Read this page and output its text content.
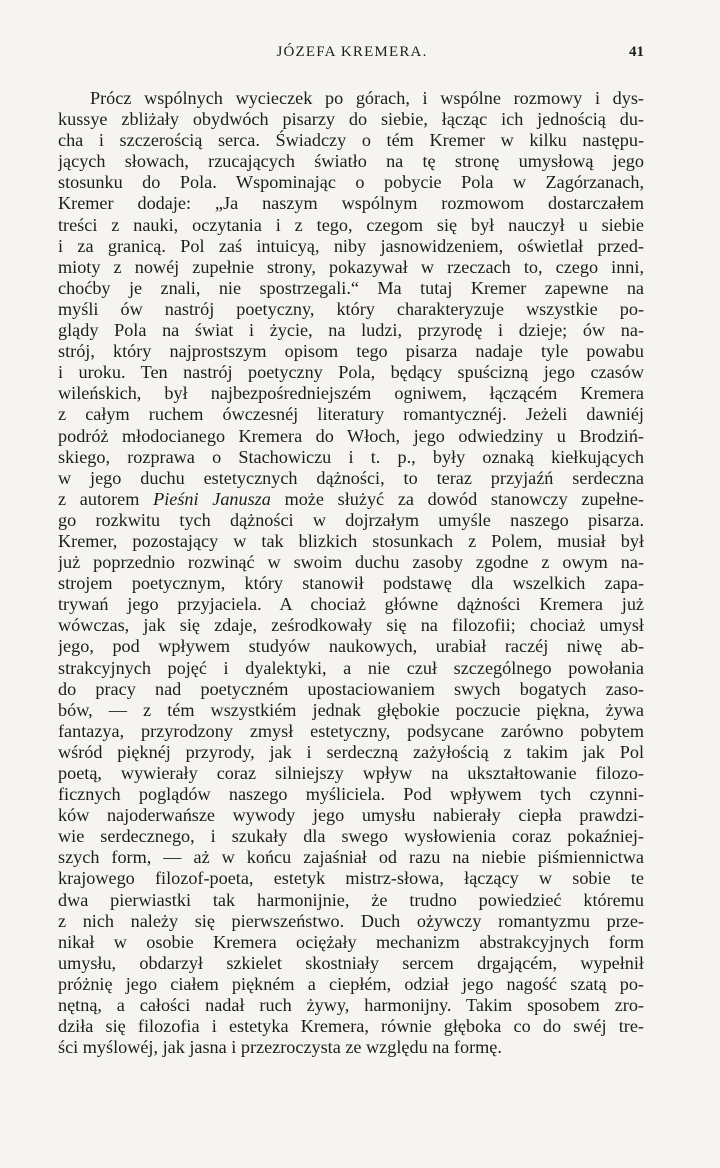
JÓZEFA KREMERA.	41
Prócz wspólnych wycieczek po górach, i wspólne rozmowy i dys-
kussye zbliżały obydwóch pisarzy do siebie, łącząc ich jednością du-
cha i szczerością serca. Świadczy o tém Kremer w kilku następu-
jących słowach, rzucających światło na tę stronę umysłową jego
stosunku do Pola. Wspominając o pobycie Pola w Zagórzanach,
Kremer dodaje: „Ja naszym wspólnym rozmowom dostarczałem
treści z nauki, oczytania i z tego, czegom się był nauczył u siebie
i za granicą. Pol zaś intuicyą, niby jasnowidzeniem, oświetlał przed-
mioty z nowéj zupełnie strony, pokazywał w rzeczach to, czego inni,
choćby je znali, nie spostrzegali.“ Ma tutaj Kremer zapewne na
myśli ów nastrój poetyczny, który charakteryzuje wszystkie po-
glądy Pola na świat i życie, na ludzi, przyrodę i dzieje; ów na-
strój, który najprostszym opisom tego pisarza nadaje tyle powabu
i uroku. Ten nastrój poetyczny Pola, będący spuścizną jego czasów
wileńskich, był najbezpośredniejszém ogniwem, łączącém Kremera
z całym ruchem ówczesnéj literatury romantycznéj. Jeżeli dawniéj
podróż młodocianego Kremera do Włoch, jego odwiedziny u Brodziń-
skiego, rozprawa o Stachowiczu i t. p., były oznaką kiełkujących
w jego duchu estetycznych dążności, to teraz przyjaźń serdeczna
z autorem Pieśni Janusza może służyć za dowód stanowczy zupełne-
go rozkwitu tych dążności w dojrzałym umyśle naszego pisarza.
Kremer, pozostający w tak blizkich stosunkach z Polem, musiał był
już poprzednio rozwinąć w swoim duchu zasoby zgodne z owym na-
strojem poetycznym, który stanowił podstawę dla wszelkich zapa-
trywań jego przyjaciela. A chociaż główne dążności Kremera już
wówczas, jak się zdaje, ześrodkowały się na filozofii; chociaż umysł
jego, pod wpływem studyów naukowych, urabiał raczéj niwę ab-
strakcyjnych pojęć i dyalektyki, a nie czuł szczególnego powołania
do pracy nad poetyczném upostaciowaniem swych bogatych zaso-
bów, — z tém wszystkiém jednak głębokie poczucie piękna, żywa
fantazya, przyrodzony zmysł estetyczny, podsycane zarówno pobytem
wśród pięknéj przyrody, jak i serdeczną zażyłością z takim jak Pol
poetą, wywierały coraz silniejszy wpływ na ukształtowanie filozo-
ficznych poglądów naszego myśliciela. Pod wpływem tych czynni-
ków najoderwańsze wywody jego umysłu nabierały ciepła prawdzi-
wie serdecznego, i szukały dla swego wysłowienia coraz pokaźniej-
szych form, — aż w końcu zajaśniał od razu na niebie piśmiennictwa
krajowego filozof-poeta, estetyk mistrz-słowa, łączący w sobie te
dwa pierwiastki tak harmonijnie, że trudno powiedzieć któremu
z nich należy się pierwszeństwo. Duch ożywczy romantyzmu prze-
nikał w osobie Kremera ociężały mechanizm abstrakcyjnych form
umysłu, obdarzył szkielet skostniały sercem drgającém, wypełnił
próżnię jego ciałem piękném a ciepłém, odział jego nagość szatą po-
nętną, a całości nadał ruch żywy, harmonijny. Takim sposobem zro-
dziła się filozofia i estetyka Kremera, równie głęboka co do swéj tre-
ści myślowéj, jak jasna i przezroczysta ze względu na formę.
